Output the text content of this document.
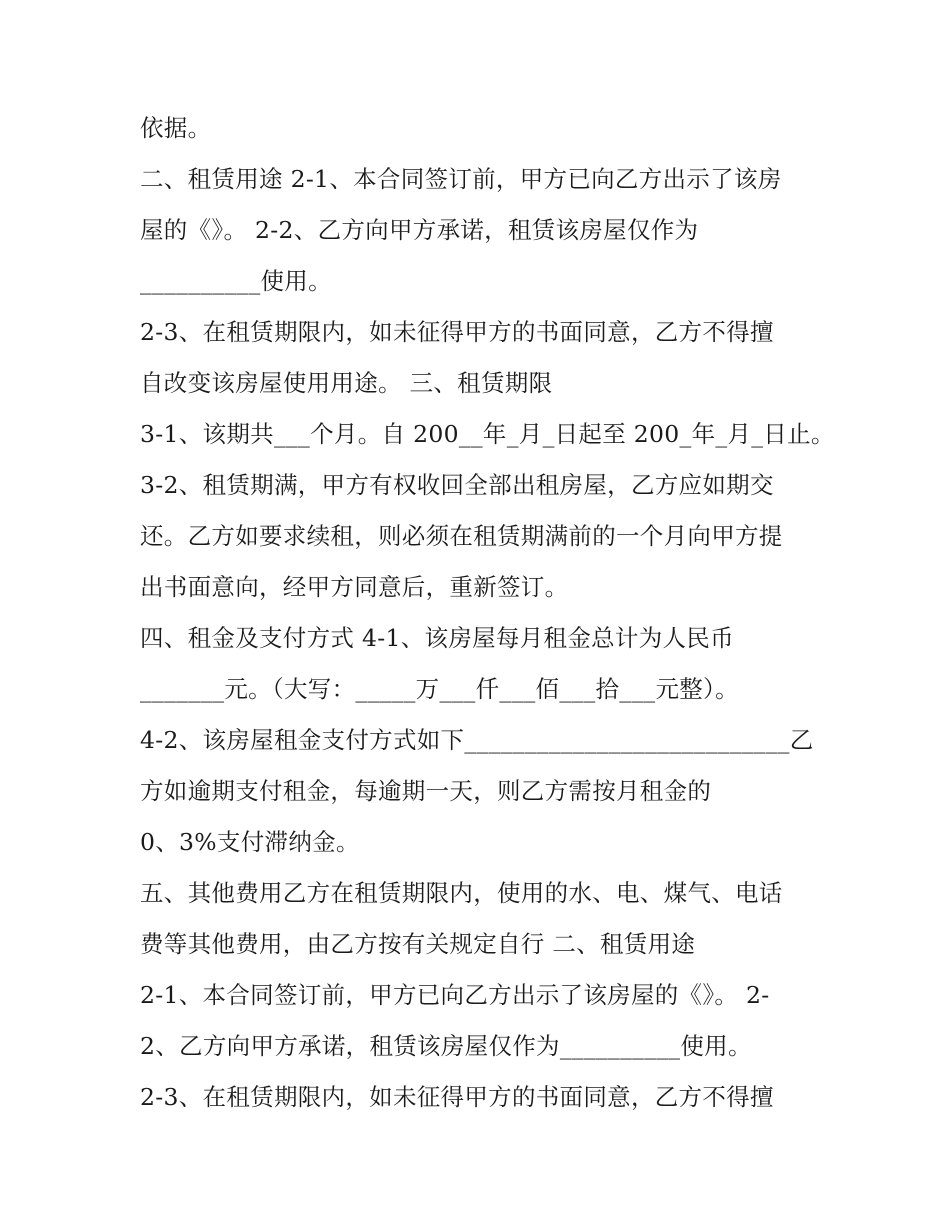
依据。

二、租赁用途 2-1、本合同签订前，甲方已向乙方出示了该房

屋的《》。 2-2、乙方向甲方承诺，租赁该房屋仅作为

__________使用。

2-3、在租赁期限内，如未征得甲方的书面同意，乙方不得擅

自改变该房屋使用用途。 三、租赁期限

3-1、该期共___个月。自 200__年_月_日起至 200_年_月_日止。

3-2、租赁期满，甲方有权收回全部出租房屋，乙方应如期交

还。乙方如要求续租，则必须在租赁期满前的一个月向甲方提

出书面意向，经甲方同意后，重新签订。

四、租金及支付方式 4-1、该房屋每月租金总计为人民币

_______元。（大写：_____万___仟___佰___拾___元整）。

4-2、该房屋租金支付方式如下___________________________乙

方如逾期支付租金，每逾期一天，则乙方需按月租金的

0、3%支付滞纳金。

五、其他费用乙方在租赁期限内，使用的水、电、煤气、电话

费等其他费用，由乙方按有关规定自行 二、租赁用途

2-1、本合同签订前，甲方已向乙方出示了该房屋的《》。 2-

2、乙方向甲方承诺，租赁该房屋仅作为__________使用。

2-3、在租赁期限内，如未征得甲方的书面同意，乙方不得擅
